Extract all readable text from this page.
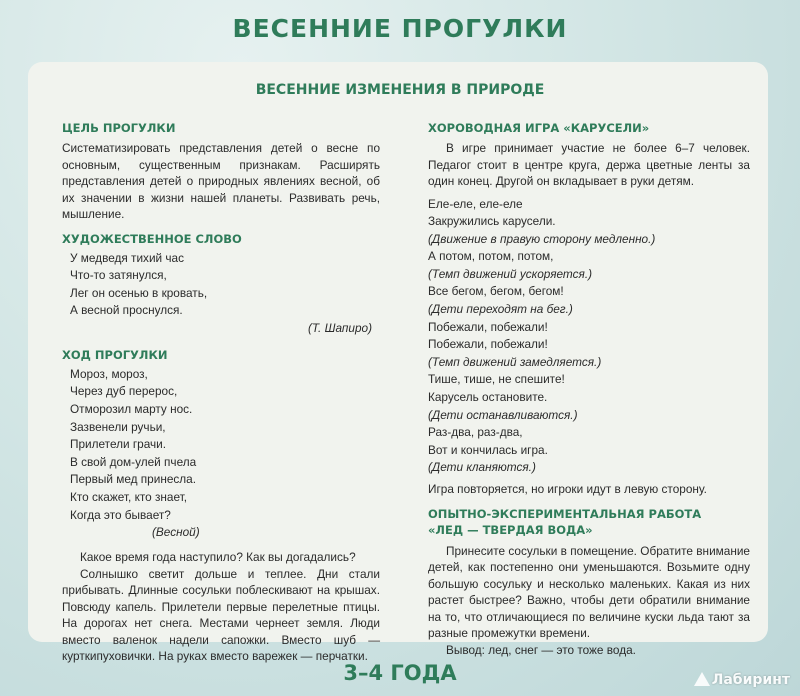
ВЕСЕННИЕ ПРОГУЛКИ
ВЕСЕННИЕ ИЗМЕНЕНИЯ В ПРИРОДЕ
ЦЕЛЬ ПРОГУЛКИ
Систематизировать представления детей о весне по основным, существенным признакам. Расширять представления детей о природных явлениях весной, об их значении в жизни нашей планеты. Развивать речь, мышление.
ХУДОЖЕСТВЕННОЕ СЛОВО
У медведя тихий час
Что-то затянулся,
Лег он осенью в кровать,
А весной проснулся.
(Т. Шапиро)
ХОД ПРОГУЛКИ
Мороз, мороз,
Через дуб перерос,
Отморозил марту нос.
Зазвенели ручьи,
Прилетели грачи.
В свой дом-улей пчела
Первый мед принесла.
Кто скажет, кто знает,
Когда это бывает?
(Весной)
Какое время года наступило? Как вы догадались?
Солнышко светит дольше и теплее. Дни стали прибывать. Длинные сосульки поблескивают на крышах. Повсюду капель. Прилетели первые перелетные птицы. На дорогах нет снега. Местами чернеет земля. Люди вместо валенок надели сапожки. Вместо шуб — курткипуховички. На руках вместо варежек — перчатки.
ХОРОВОДНАЯ ИГРА «КАРУСЕЛИ»
В игре принимает участие не более 6–7 человек. Педагог стоит в центре круга, держа цветные ленты за один конец. Другой он вкладывает в руки детям.
Еле-еле, еле-еле
Закружились карусели.
(Движение в правую сторону медленно.)
А потом, потом, потом,
(Темп движений ускоряется.)
Все бегом, бегом, бегом!
(Дети переходят на бег.)
Побежали, побежали!
Побежали, побежали!
(Темп движений замедляется.)
Тише, тише, не спешите!
Карусель остановите.
(Дети останавливаются.)
Раз-два, раз-два,
Вот и кончилась игра.
(Дети кланяются.)
Игра повторяется, но игроки идут в левую сторону.
ОПЫТНО-ЭКСПЕРИМЕНТАЛЬНАЯ РАБОТА
«ЛЕД — ТВЕРДАЯ ВОДА»
Принесите сосульки в помещение. Обратите внимание детей, как постепенно они уменьшаются. Возьмите одну большую сосульку и несколько маленьких. Какая из них растет быстрее? Важно, чтобы дети обратили внимание на то, что отличающиеся по величине куски льда тают за разные промежутки времени.
Вывод: лед, снег — это тоже вода.
3–4 ГОДА	Лабиринт
